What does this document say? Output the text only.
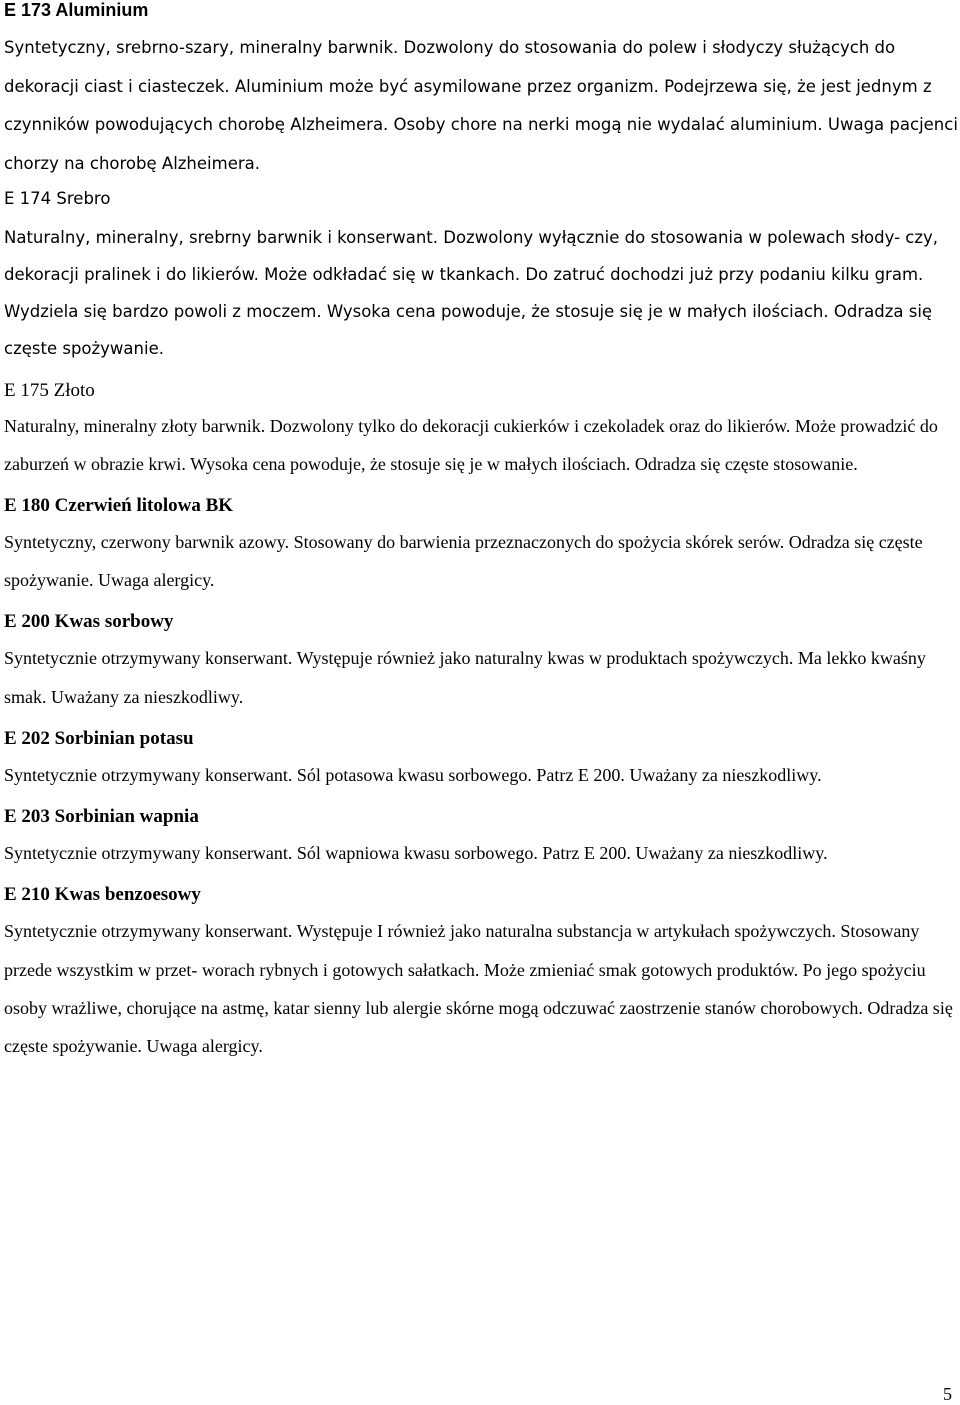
E 173 Aluminium

Syntetyczny, srebrno-szary, mineralny barwnik. Dozwolony do stosowania do polew i słodyczy służących do dekoracji ciast i ciasteczek. Aluminium może być asymilowane przez organizm. Podejrzewa się, że jest jednym z czynników powodujących chorobę Alzheimera. Osoby chore na nerki mogą nie wydalać aluminium. Uwaga pacjenci chorzy na chorobę Alzheimera.

E 174 Srebro

Naturalny, mineralny, srebrny barwnik i konserwant. Dozwolony wyłącznie do stosowania w polewach słody- czy, dekoracji pralinek i do likierów. Może odkładać się w tkankach. Do zatruć dochodzi już przy podaniu kilku gram. Wydziela się bardzo powoli z moczem. Wysoka cena powoduje, że stosuje się je w małych ilościach. Odradza się częste spożywanie.

E 175 Złoto

Naturalny, mineralny złoty barwnik. Dozwolony tylko do dekoracji cukierków i czekoladek oraz do likierów. Może prowadzić do zaburzeń w obrazie krwi. Wysoka cena powoduje, że stosuje się je w małych ilościach. Odradza się częste stosowanie.

E 180 Czerwień litolowa BK

Syntetyczny, czerwony barwnik azowy. Stosowany do barwienia przeznaczonych do spożycia skórek serów. Odradza się częste spożywanie. Uwaga alergicy.

E 200 Kwas sorbowy

Syntetycznie otrzymywany konserwant. Występuje również jako naturalny kwas w produktach spożywczych. Ma lekko kwaśny smak. Uważany za nieszkodliwy.

E 202 Sorbinian potasu

Syntetycznie otrzymywany konserwant. Sól potasowa kwasu sorbowego. Patrz E 200. Uważany za nieszkodliwy.

E 203 Sorbinian wapnia

Syntetycznie otrzymywany konserwant. Sól wapniowa kwasu sorbowego. Patrz E 200. Uważany za nieszkodliwy.

E 210 Kwas benzoesowy

Syntetycznie otrzymywany konserwant. Występuje I również jako naturalna substancja w artykułach spożywczych. Stosowany przede wszystkim w przet- worach rybnych i gotowych sałatkach. Może zmieniać smak gotowych produktów. Po jego spożyciu osoby wrażliwe, chorujące na astmę, katar sienny lub alergie skórne mogą odczuwać zaostrzenie stanów chorobowych. Odradza się częste spożywanie. Uwaga alergicy.

5
